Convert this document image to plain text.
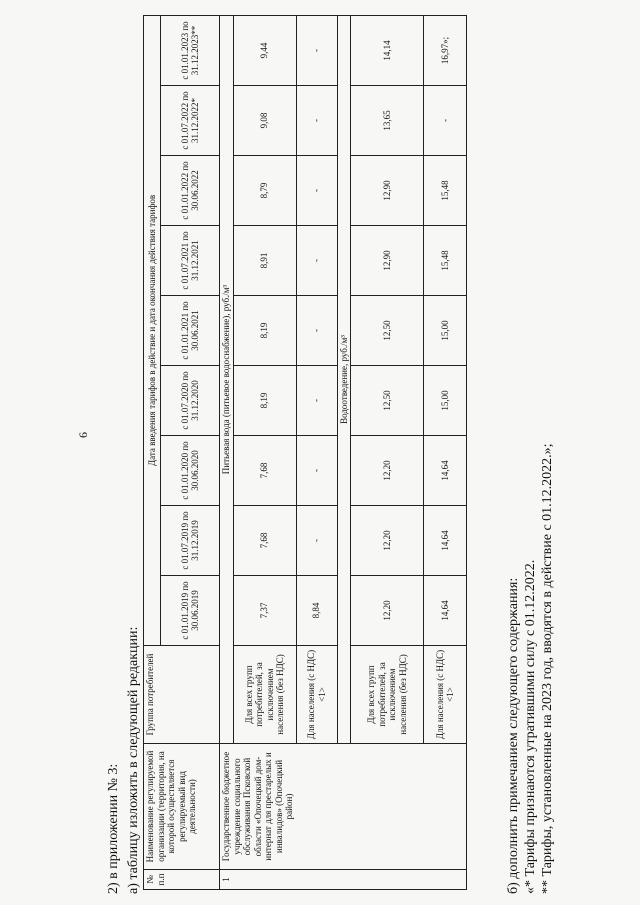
6

2) в приложении № 3: а) таблицу изложить в следующей редакции: № п.п	Наименование регулируемой организации (территория, на которой осуществляется регулируемый вид деятельности)	Группа потребителей	Дата введения тарифов в действие и дата окончания действия тарифов								
			с 01.01.2019 по 30.06.2019	с 01.07.2019 по 31.12.2019	с 01.01.2020 по 30.06.2020	с 01.07.2020 по 31.12.2020	с 01.01.2021 по 30.06.2021	с 01.07.2021 по 31.12.2021	с 01.01.2022 по 30.06.2022	с 01.07.2022 по 31.12.2022*	с 01.01.2023 по 31.12.2023**
1	Государственное бюджетное учреждение социального обслуживания Псковской области «Опочецкий дом-интернат для престарелых и инвалидов» (Опочецкий район)	Питьевая вода (питьевое водоснабжение), руб./м³									
		Для всех групп потребителей, за исключением населения (без НДС)	7,37	7,68	7,68	8,19	8,19	8,91	8,79	9,08	9,44
		Для населения (с НДС) <1>	8,84	-	-	-	-	-	-	-	-
		Водоотведение, руб./м³									
		Для всех групп потребителей, за исключением населения (без НДС)	12,20	12,20	12,20	12,50	12,50	12,90	12,90	13,65	14,14
		Для населения (с НДС) <1>	14,64	14,64	14,64	15,00	15,00	15,48	15,48	-	16,97»;

б) дополнить примечанием следующего содержания: «* Тарифы признаются утратившими силу с 01.12.2022. ** Тарифы, установленные на 2023 год, вводятся в действие с 01.12.2022.»;
